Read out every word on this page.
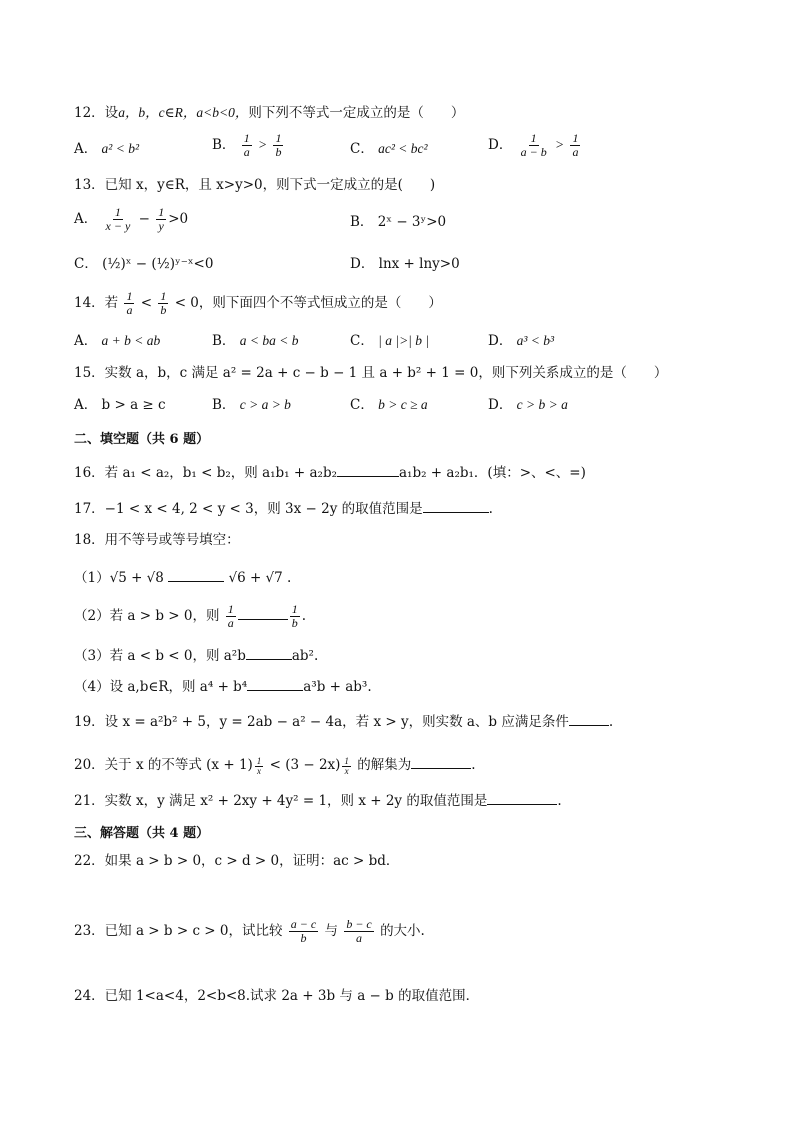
12．设a，b，c∈R，a<b<0，则下列不等式一定成立的是（　　）
A． a² < b²	B． $\frac{1}{a} > \frac{1}{b}$	C． ac² < bc²	D． $\frac{1}{a - b} > \frac{1}{a}$
13．已知 x，y∈R，且 x>y>0，则下式一定成立的是(　　)
A． $\frac{1}{x - y} - \frac{1}{y} >0$	B． 2ˣ − 3ʸ>0
C． (½)ˣ − (½)ʸ⁻ˣ<0	D． lnx + lny>0
14．若 $\frac{1}{a} < \frac{1}{b} < 0$，则下面四个不等式恒成立的是（　　）
A． a + b < ab	B． a < ba < b	C． | a |>| b |	D． a³ < b³
15．实数 a，b，c 满足 a² = 2a + c − b − 1 且 a + b² + 1 = 0，则下列关系成立的是（　　）
A． b > a ≥ c	B． c > a > b	C． b > c ≥ a	D． c > b > a
二、填空题（共 6 题）
16．若 a₁ < a₂，b₁ < b₂，则 a₁b₁ + a₂b₂	a₁b₂ + a₂b₁．(填：>、<、=)
17．−1 < x < 4, 2 < y < 3，则 3x − 2y 的取值范围是	.
18．用不等号或等号填空：
（1）√5 + √8	√6 + √7 .
（2）若 a > b > 0，则 $\frac{1}{a}$	$\frac{1}{b}$ .
（3）若 a < b < 0，则 a²b	ab².
（4）设 a,b∈R，则 a⁴ + b⁴	a³b + ab³.
19．设 x = a²b² + 5，y = 2ab − a² − 4a，若 x > y，则实数 a、b 应满足条件	.
20．关于 x 的不等式 $(x + 1) \frac{1}{x} < (3 - 2x) \frac{1}{x}$ 的解集为	.
21．实数 x，y 满足 x² + 2xy + 4y² = 1，则 x + 2y 的取值范围是	.
三、解答题（共 4 题）
22．如果 a > b > 0，c > d > 0，证明：ac > bd．
23．已知 a > b > c > 0，试比较 $\frac{a - c}{b}$ 与 $\frac{b - c}{a}$ 的大小.
24．已知 1<a<4，2<b<8.试求 2a + 3b 与 a − b 的取值范围．
